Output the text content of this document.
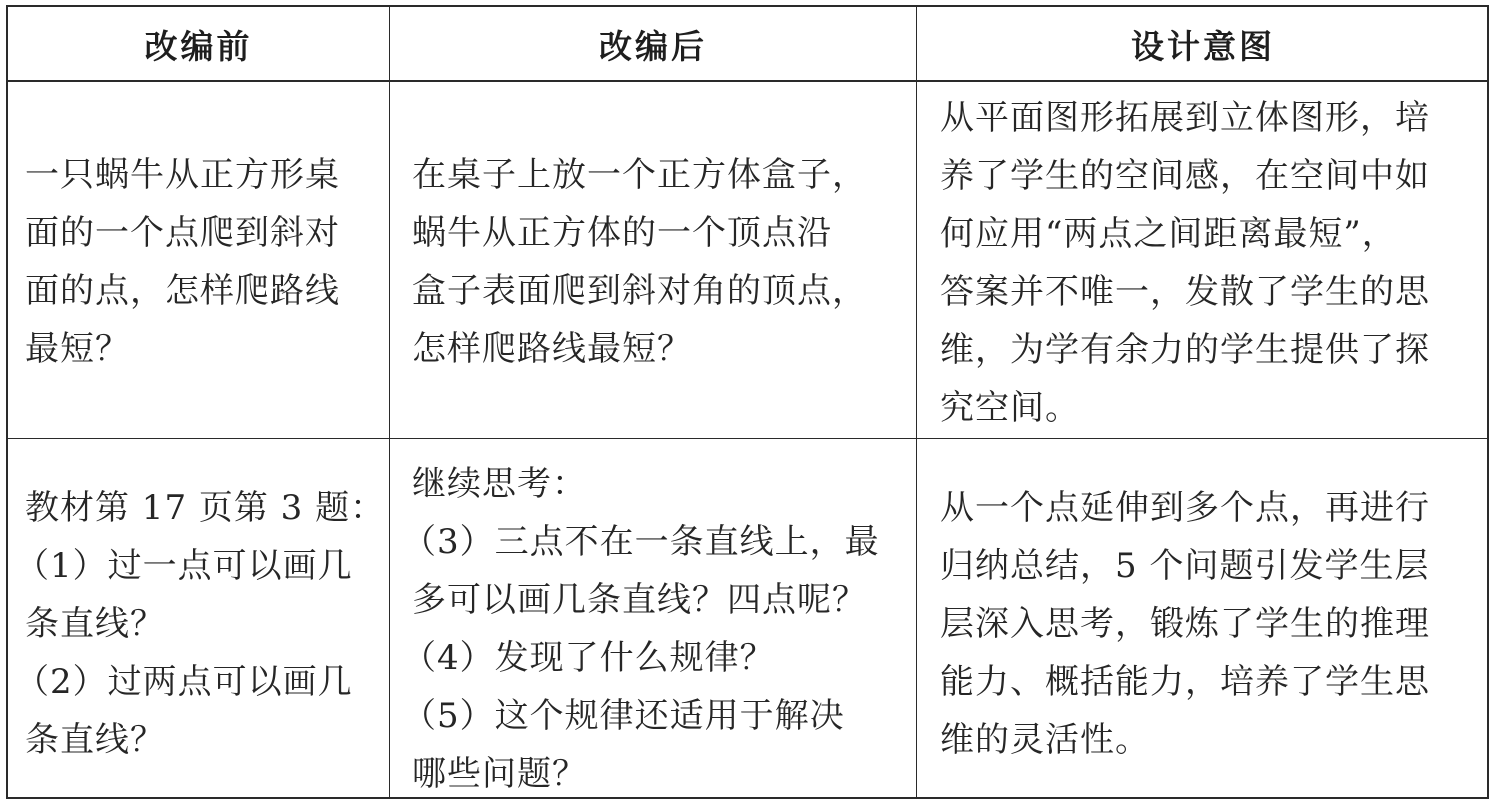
改编前	改编后	设计意图

一只蜗牛从正方形桌

面的一个点爬到斜对

面的点，怎样爬路线

最短？

在桌子上放一个正方体盒子，

蜗牛从正方体的一个顶点沿

盒子表面爬到斜对角的顶点，

怎样爬路线最短？

从平面图形拓展到立体图形，培

养了学生的空间感，在空间中如

何应用“两点之间距离最短”，

答案并不唯一，发散了学生的思

维，为学有余力的学生提供了探

究空间。

教材第 17 页第 3 题：

（1）过一点可以画几

条直线？

（2）过两点可以画几

条直线？

继续思考：

（3）三点不在一条直线上，最

多可以画几条直线？四点呢？

（4）发现了什么规律？

（5）这个规律还适用于解决

哪些问题？

从一个点延伸到多个点，再进行

归纳总结，5 个问题引发学生层

层深入思考，锻炼了学生的推理

能力、概括能力，培养了学生思

维的灵活性。
